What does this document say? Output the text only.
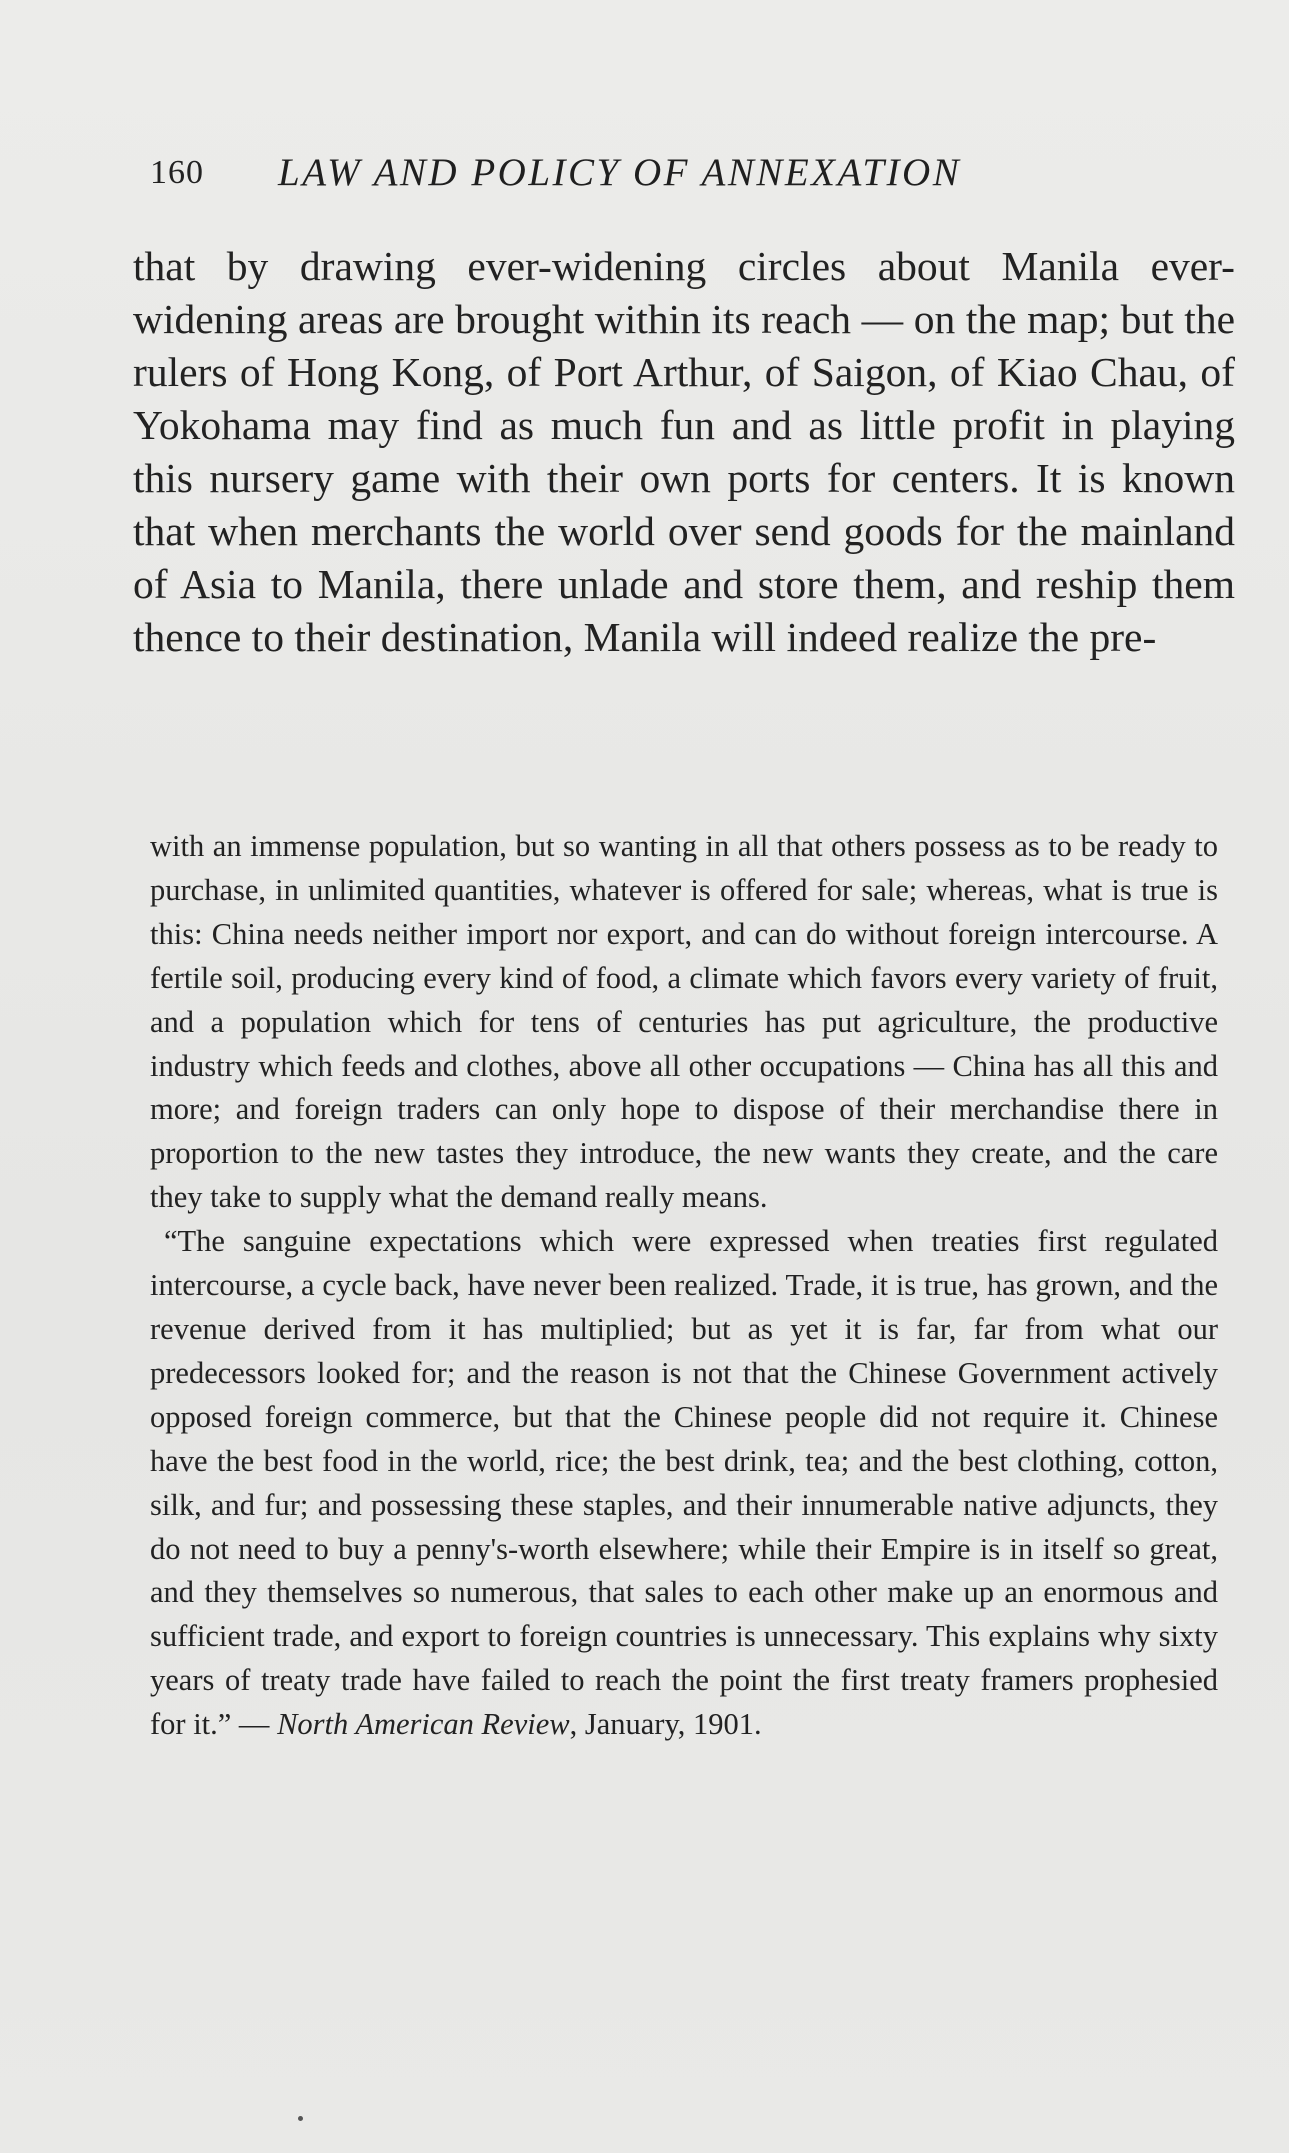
160 LAW AND POLICY OF ANNEXATION

that by drawing ever-widening circles about Manila ever-widening areas are brought within its reach — on the map; but the rulers of Hong Kong, of Port Arthur, of Saigon, of Kiao Chau, of Yokohama may find as much fun and as little profit in playing this nursery game with their own ports for centers. It is known that when merchants the world over send goods for the mainland of Asia to Manila, there unlade and store them, and reship them thence to their destination, Manila will indeed realize the pre-

with an immense population, but so wanting in all that others possess as to be ready to purchase, in unlimited quantities, whatever is offered for sale; whereas, what is true is this: China needs neither import nor export, and can do without foreign intercourse. A fertile soil, producing every kind of food, a climate which favors every variety of fruit, and a population which for tens of centuries has put agriculture, the productive industry which feeds and clothes, above all other occupations — China has all this and more; and foreign traders can only hope to dispose of their merchandise there in proportion to the new tastes they introduce, the new wants they create, and the care they take to supply what the demand really means.

“The sanguine expectations which were expressed when treaties first regulated intercourse, a cycle back, have never been realized. Trade, it is true, has grown, and the revenue derived from it has multiplied; but as yet it is far, far from what our predecessors looked for; and the reason is not that the Chinese Government actively opposed foreign commerce, but that the Chinese people did not require it. Chinese have the best food in the world, rice; the best drink, tea; and the best clothing, cotton, silk, and fur; and possessing these staples, and their innumerable native adjuncts, they do not need to buy a penny's-worth elsewhere; while their Empire is in itself so great, and they themselves so numerous, that sales to each other make up an enormous and sufficient trade, and export to foreign countries is unnecessary. This explains why sixty years of treaty trade have failed to reach the point the first treaty framers prophesied for it.” — North American Review, January, 1901.
